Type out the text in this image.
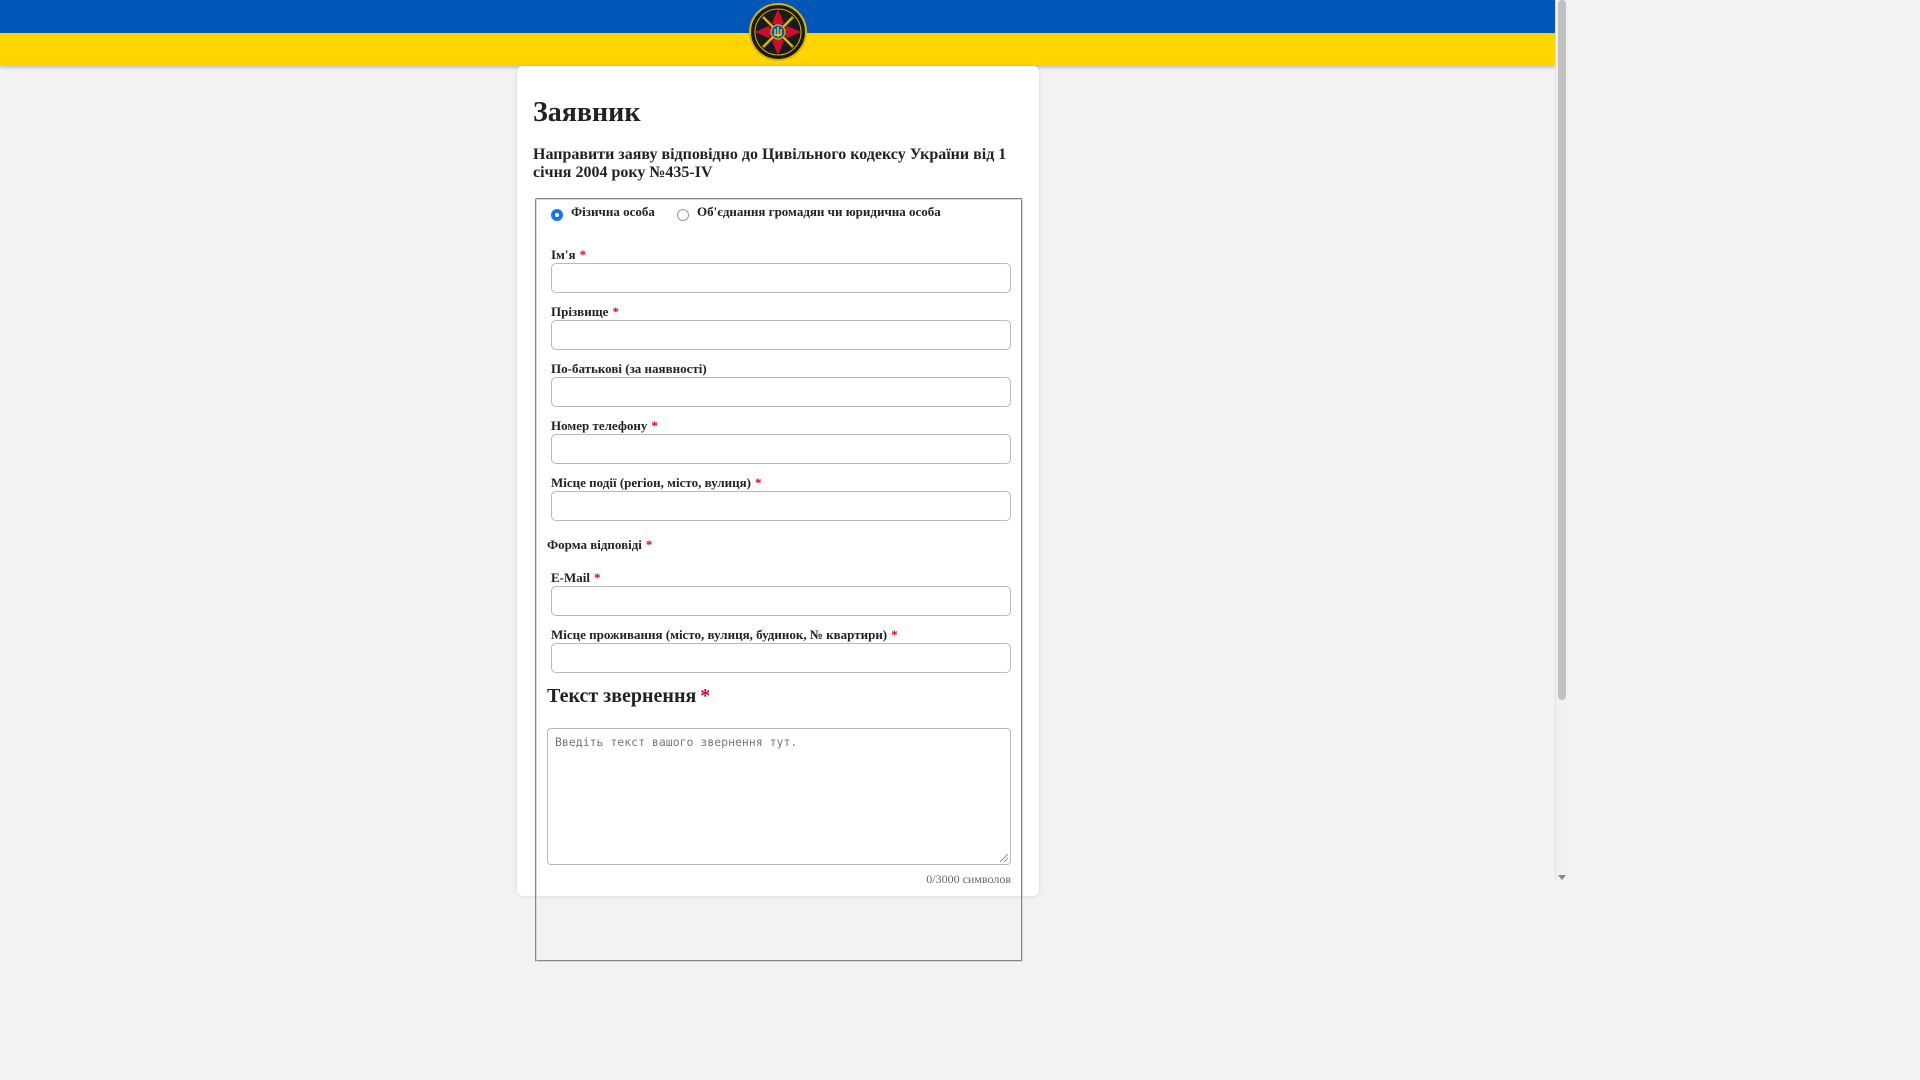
Заявник

Направити заяву відповідно до Цивільного кодексу України від 1 січня 2004 року №435-IV

Фізична особа	Об'єднання громадян чи юридична особа
Ім'я *
Прізвище *
По-батькові (за наявності)
Номер телефону *
Місце події (регіон, місто, вулиця) *
Форма відповіді *
E-Mail *
Місце проживання (місто, вулиця, будинок, № квартири) *
Текст звернення *
Введіть текст вашого звернення тут.
0/3000 символов
